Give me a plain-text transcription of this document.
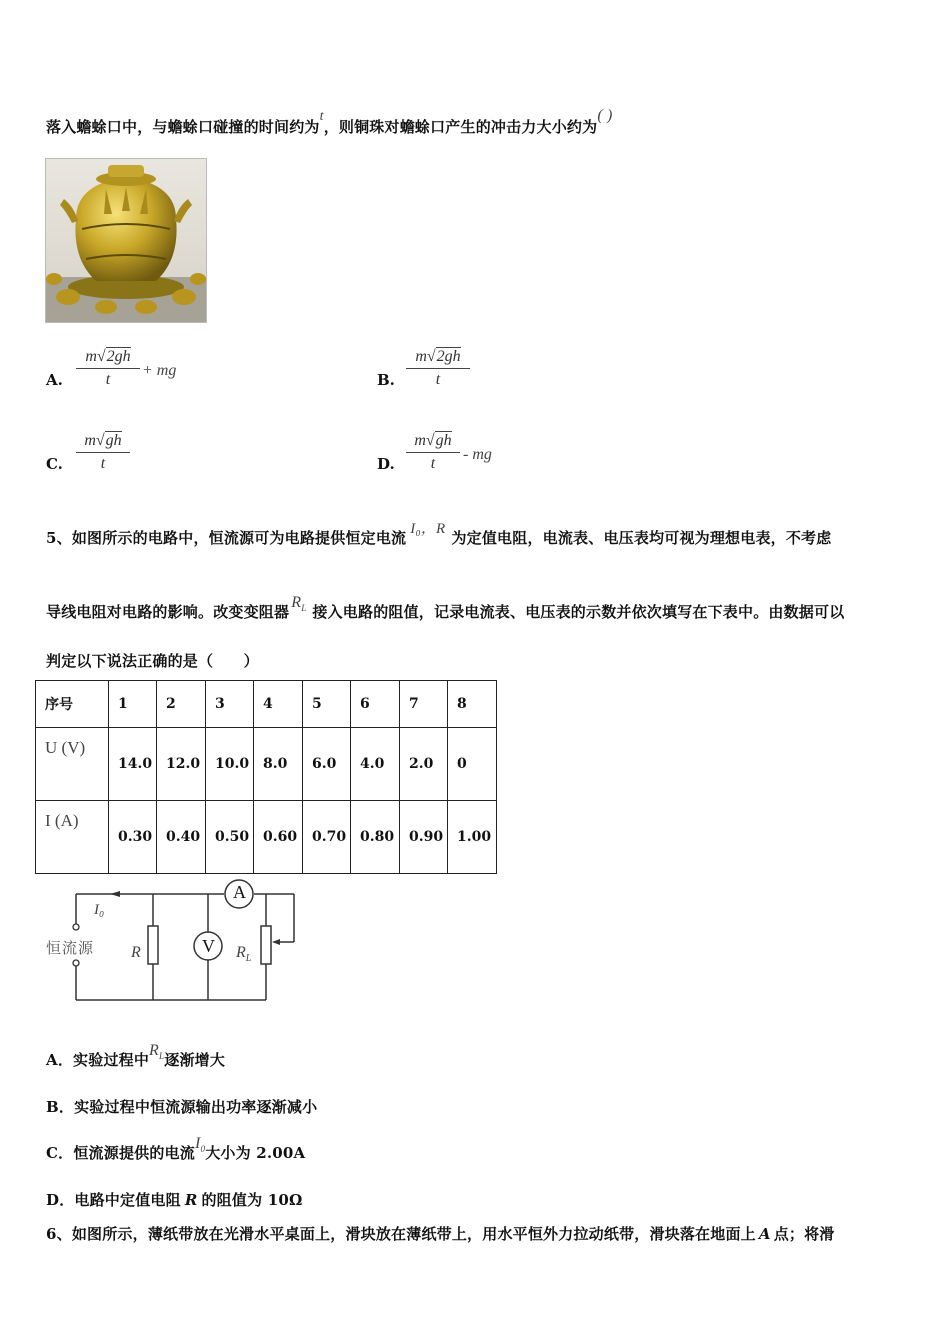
落入蟾蜍口中，与蟾蜍口碰撞的时间约为t，则铜珠对蟾蜍口产生的冲击力大小约为( )
A. $\frac{m√2gh}{t}$ + mg
B. $\frac{m√2gh}{t}$
C. $\frac{m√gh}{t}$	D. $\frac{m√gh}{t}$ - mg
5、如图所示的电路中，恒流源可为电路提供恒定电流 I₀，R 为定值电阻，电流表、电压表均可视为理想电表，不考虑
导线电阻对电路的影响。改变变阻器$R_L$ 接入电路的阻值，记录电流表、电压表的示数并依次填写在下表中。由数据可以
判定以下说法正确的是（　　）
序号	1	2	3	4	5	6	7	8
U (V)	14.0	12.0	10.0	8.0	6.0	4.0	2.0	0
I (A)	0.30	0.40	0.50	0.60	0.70	0.80	0.90	1.00
A
V
恒流源
I₀
R	$R_L$
A．实验过程中$R_L$逐渐增大
B．实验过程中恒流源输出功率逐渐减小
C．恒流源提供的电流$I_0$大小为 2.00A
D．电路中定值电阻 R 的阻值为 10Ω
6、如图所示，薄纸带放在光滑水平桌面上，滑块放在薄纸带上，用水平恒外力拉动纸带，滑块落在地面上 A 点；将滑
